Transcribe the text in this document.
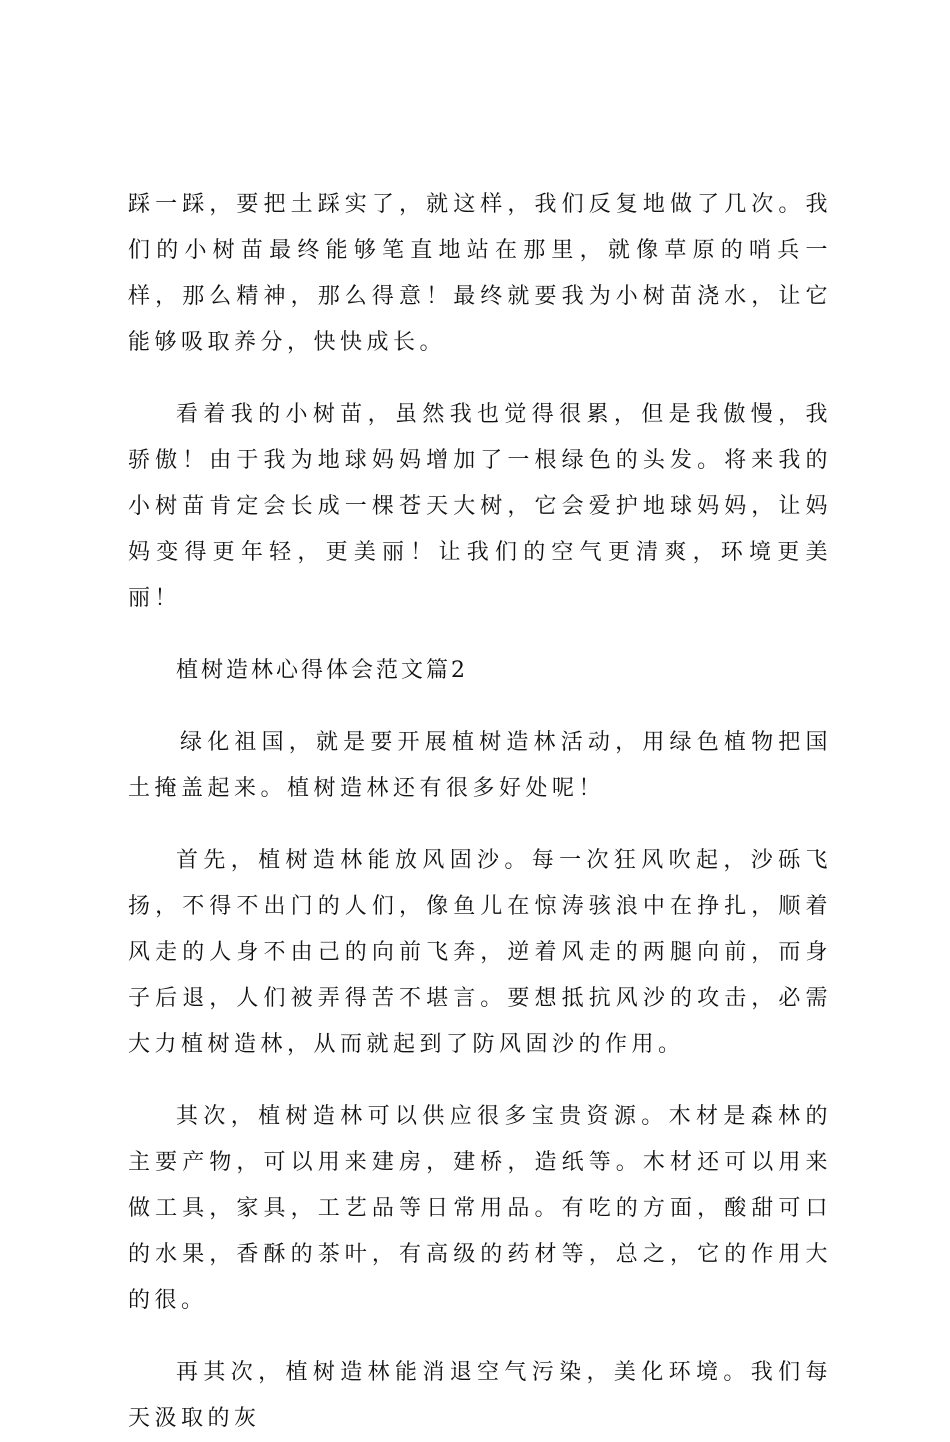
踩一踩，要把土踩实了，就这样，我们反复地做了几次。我们的小树苗最终能够笔直地站在那里，就像草原的哨兵一样，那么精神，那么得意！最终就要我为小树苗浇水，让它能够吸取养分，快快成长。

看着我的小树苗，虽然我也觉得很累，但是我傲慢，我骄傲！由于我为地球妈妈增加了一根绿色的头发。将来我的小树苗肯定会长成一棵苍天大树，它会爱护地球妈妈，让妈妈变得更年轻，更美丽！让我们的空气更清爽，环境更美丽！

植树造林心得体会范文篇2

绿化祖国，就是要开展植树造林活动，用绿色植物把国土掩盖起来。植树造林还有很多好处呢！

首先，植树造林能放风固沙。每一次狂风吹起，沙砾飞扬，不得不出门的人们，像鱼儿在惊涛骇浪中在挣扎，顺着风走的人身不由己的向前飞奔，逆着风走的两腿向前，而身子后退，人们被弄得苦不堪言。要想抵抗风沙的攻击，必需大力植树造林，从而就起到了防风固沙的作用。

其次，植树造林可以供应很多宝贵资源。木材是森林的主要产物，可以用来建房，建桥，造纸等。木材还可以用来做工具，家具，工艺品等日常用品。有吃的方面，酸甜可口的水果，香酥的茶叶，有高级的药材等，总之，它的作用大的很。

再其次，植树造林能消退空气污染，美化环境。我们每天汲取的灰
